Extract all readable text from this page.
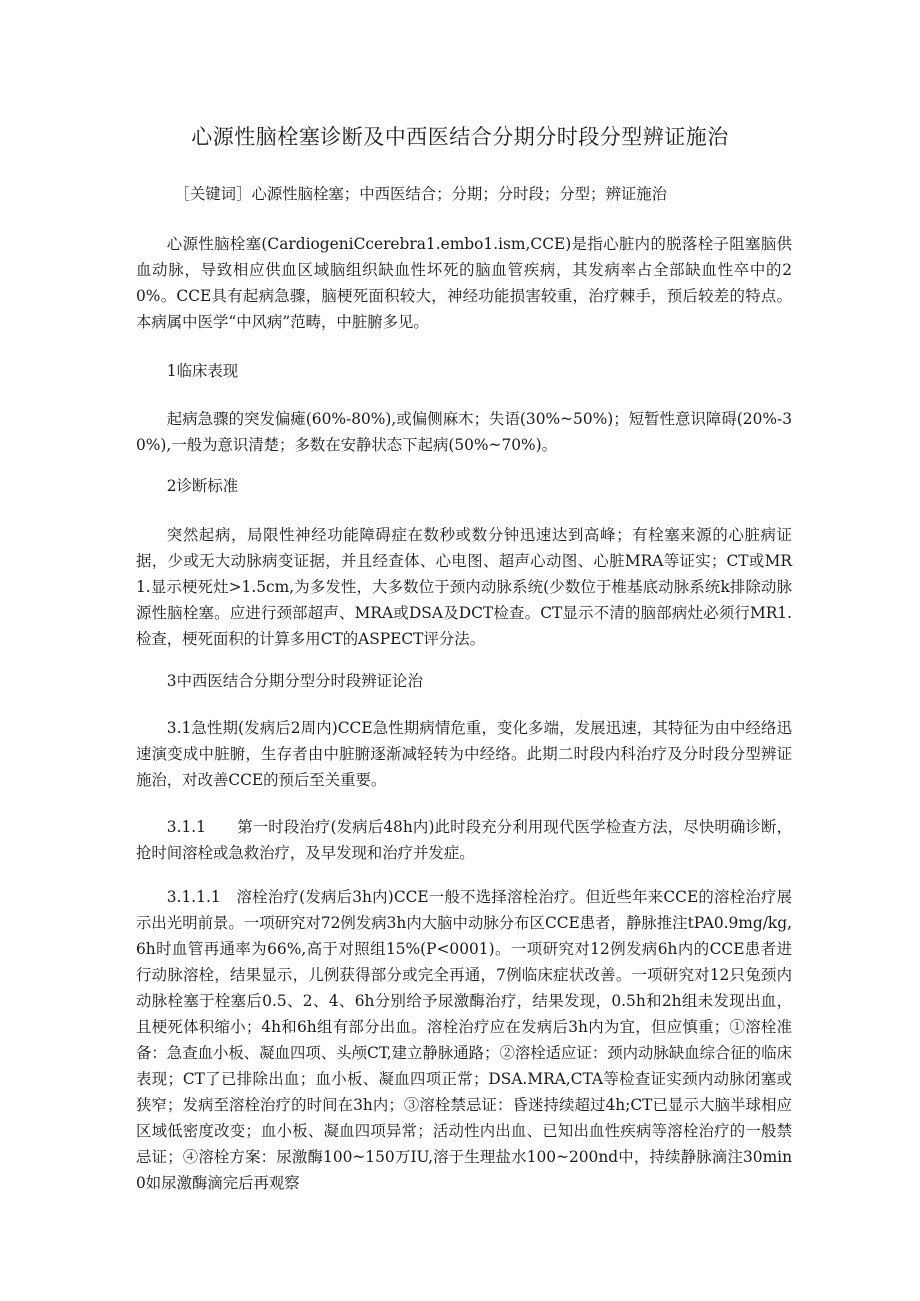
心源性脑栓塞诊断及中西医结合分期分时段分型辨证施治

［关键词］心源性脑栓塞；中西医结合；分期；分时段；分型；辨证施治

心源性脑栓塞(CardiogeniCcerebra1.embo1.ism,CCE)是指心脏内的脱落栓子阻塞脑供血动脉，导致相应供血区域脑组织缺血性坏死的脑血管疾病，其发病率占全部缺血性卒中的20%。CCE具有起病急骤，脑梗死面积较大，神经功能损害较重，治疗棘手，预后较差的特点。本病属中医学“中风病”范畴，中脏腑多见。

1临床表现

起病急骤的突发偏瘫(60%-80%),或偏侧麻木；失语(30%~50%)；短暂性意识障碍(20%-30%),一般为意识清楚；多数在安静状态下起病(50%~70%)。

2诊断标准

突然起病，局限性神经功能障碍症在数秒或数分钟迅速达到高峰；有栓塞来源的心脏病证据，少或无大动脉病变证据，并且经查体、心电图、超声心动图、心脏MRA等证实；CT或MR1.显示梗死灶>1.5cm,为多发性，大多数位于颈内动脉系统(少数位于椎基底动脉系统k排除动脉源性脑栓塞。应进行颈部超声、MRA或DSA及DCT检查。CT显示不清的脑部病灶必须行MR1.检查，梗死面积的计算多用CT的ASPECT评分法。

3中西医结合分期分型分时段辨证论治

3.1急性期(发病后2周内)CCE急性期病情危重，变化多端，发展迅速，其特征为由中经络迅速演变成中脏腑，生存者由中脏腑逐渐减轻转为中经络。此期二时段内科治疗及分时段分型辨证施治，对改善CCE的预后至关重要。

3.1.1　　第一时段治疗(发病后48h内)此时段充分利用现代医学检查方法，尽快明确诊断，抢时间溶栓或急救治疗，及早发现和治疗并发症。

3.1.1.1　溶栓治疗(发病后3h内)CCE一般不选择溶栓治疗。但近些年来CCE的溶栓治疗展示出光明前景。一项研究对72例发病3h内大脑中动脉分布区CCE患者，静脉推注tPA0.9mg/kg,6h时血管再通率为66%,高于对照组15%(P<0001)。一项研究对12例发病6h内的CCE患者进行动脉溶栓，结果显示，儿例获得部分或完全再通，7例临床症状改善。一项研究对12只兔颈内动脉栓塞于栓塞后0.5、2、4、6h分别给予尿激酶治疗，结果发现，0.5h和2h组未发现出血，且梗死体积缩小；4h和6h组有部分出血。溶栓治疗应在发病后3h内为宜，但应慎重；①溶栓准备：急查血小板、凝血四项、头颅CT,建立静脉通路；②溶栓适应证：颈内动脉缺血综合征的临床表现；CT了已排除出血；血小板、凝血四项正常；DSA.MRA,CTA等检查证实颈内动脉闭塞或狭窄；发病至溶栓治疗的时间在3h内；③溶栓禁忌证：昏迷持续超过4h;CT已显示大脑半球相应区域低密度改变；血小板、凝血四项异常；活动性内出血、已知出血性疾病等溶栓治疗的一般禁忌证；④溶栓方案：尿激酶100~150万IU,溶于生理盐水100~200nd中，持续静脉滴注30min0如尿激酶滴完后再观察
